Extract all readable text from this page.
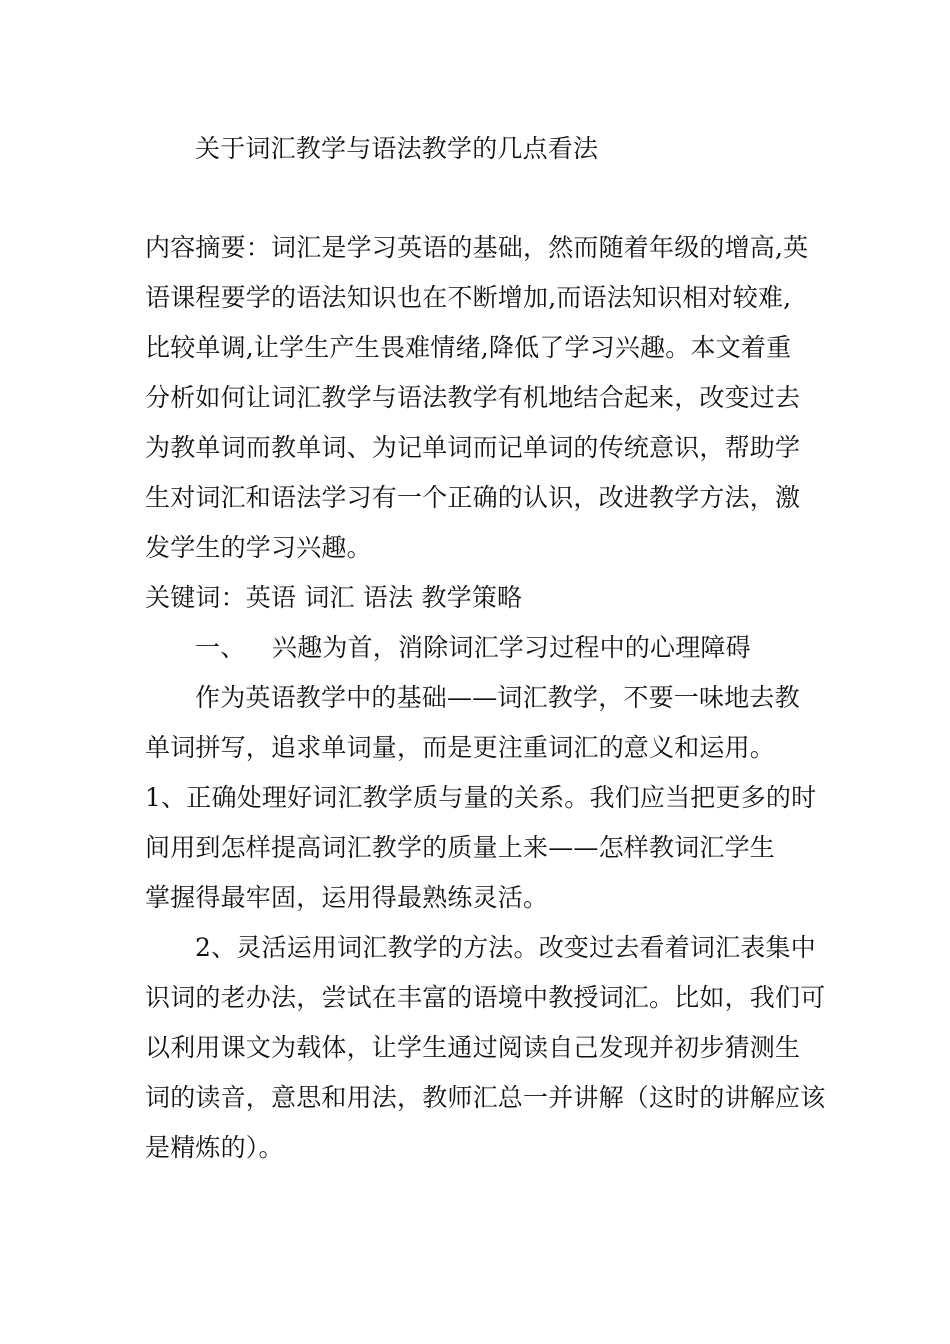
关于词汇教学与语法教学的几点看法
内容摘要：词汇是学习英语的基础，然而随着年级的增高,英
语课程要学的语法知识也在不断增加,而语法知识相对较难,
比较单调,让学生产生畏难情绪,降低了学习兴趣。本文着重
分析如何让词汇教学与语法教学有机地结合起来，改变过去
为教单词而教单词、为记单词而记单词的传统意识，帮助学
生对词汇和语法学习有一个正确的认识，改进教学方法，激
发学生的学习兴趣。
关键词：英语 词汇 语法 教学策略
一、 兴趣为首，消除词汇学习过程中的心理障碍
作为英语教学中的基础——词汇教学，不要一味地去教
单词拼写，追求单词量，而是更注重词汇的意义和运用。
1、正确处理好词汇教学质与量的关系。我们应当把更多的时
间用到怎样提高词汇教学的质量上来——怎样教词汇学生
掌握得最牢固，运用得最熟练灵活。
2、灵活运用词汇教学的方法。改变过去看着词汇表集中
识词的老办法，尝试在丰富的语境中教授词汇。比如，我们可
以利用课文为载体，让学生通过阅读自己发现并初步猜测生
词的读音，意思和用法，教师汇总一并讲解（这时的讲解应该
是精炼的）。
